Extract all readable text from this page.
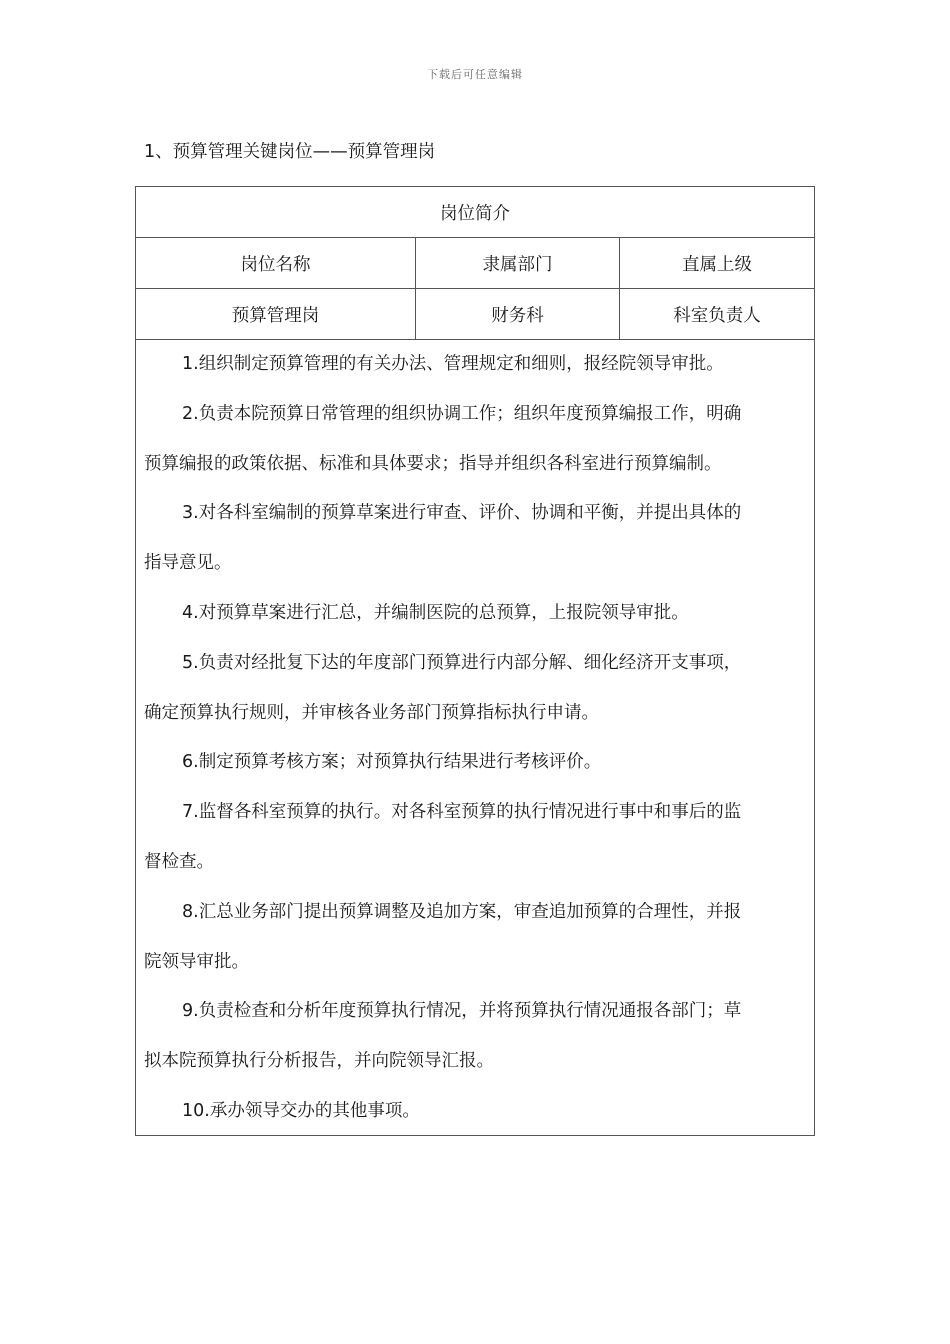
下载后可任意编辑
1、预算管理关键岗位——预算管理岗
岗位简介
岗位名称	隶属部门	直属上级
预算管理岗	财务科	科室负责人
1.组织制定预算管理的有关办法、管理规定和细则，报经院领导审批。
2.负责本院预算日常管理的组织协调工作；组织年度预算编报工作，明确
预算编报的政策依据、标准和具体要求；指导并组织各科室进行预算编制。
3.对各科室编制的预算草案进行审查、评价、协调和平衡，并提出具体的
指导意见。
4.对预算草案进行汇总，并编制医院的总预算，上报院领导审批。
5.负责对经批复下达的年度部门预算进行内部分解、细化经济开支事项，
确定预算执行规则，并审核各业务部门预算指标执行申请。
6.制定预算考核方案；对预算执行结果进行考核评价。
7.监督各科室预算的执行。对各科室预算的执行情况进行事中和事后的监
督检查。
8.汇总业务部门提出预算调整及追加方案，审查追加预算的合理性，并报
院领导审批。
9.负责检查和分析年度预算执行情况，并将预算执行情况通报各部门；草
拟本院预算执行分析报告，并向院领导汇报。
10.承办领导交办的其他事项。
